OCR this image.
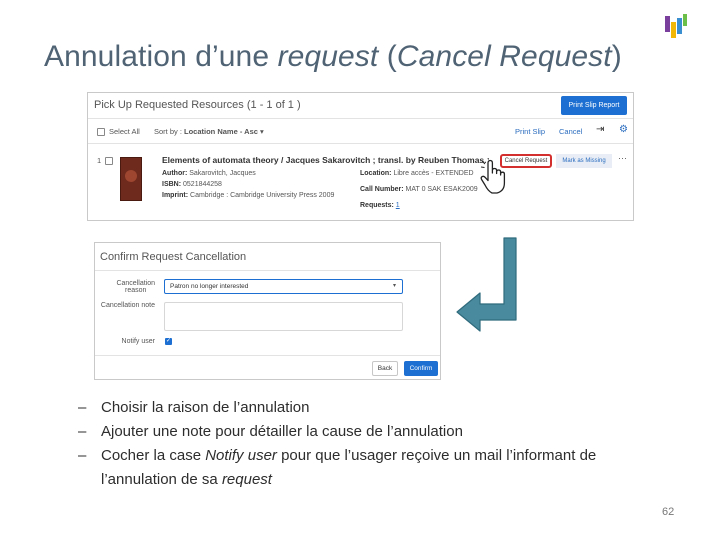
Annulation d’une request (Cancel Request)
Pick Up Requested Resources (1 - 1 of 1 )	Print Slip Report
Select All Sort by : Location Name - Asc ▾	Print Slip Cancel ⇥ ⚙
1	Elements of automata theory / Jacques Sakarovitch ; transl. by Reuben Thomas.
Author: Sakarovitch, Jacques
ISBN: 0521844258
Imprint: Cambridge : Cambridge University Press 2009
Location: Libre accès - EXTENDED
Call Number: MAT 0 SAK ESAK2009
Requests: 1
Cancel Request	Mark as Missing	···
Confirm Request Cancellation
Cancellation
reason
Patron no longer interested	▾
Cancellation note
Notify user ✓
Back	Confirm
– Choisir la raison de l’annulation
– Ajouter une note pour détailler la cause de l’annulation
– Cocher la case Notify user pour que l’usager reçoive un mail l’informant de l’annulation de sa request
62
